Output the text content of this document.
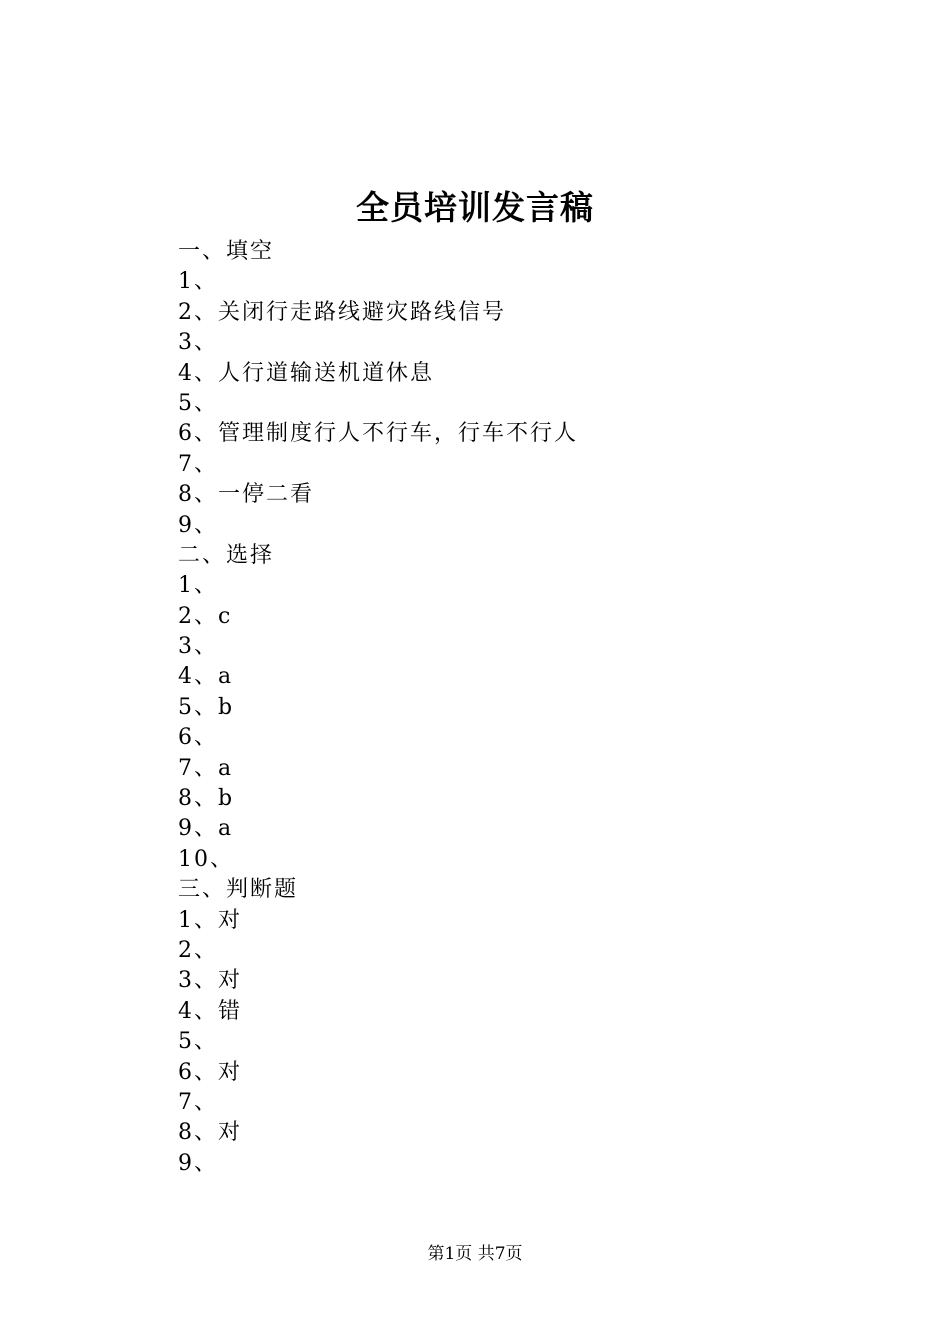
全员培训发言稿
一、填空
1、
2、关闭行走路线避灾路线信号
3、
4、人行道输送机道休息
5、
6、管理制度行人不行车，行车不行人
7、
8、一停二看
9、
二、选择
1、
2、c
3、
4、a
5、b
6、
7、a
8、b
9、a
10、
三、判断题
1、对
2、
3、对
4、错
5、
6、对
7、
8、对
9、
第1页 共7页
